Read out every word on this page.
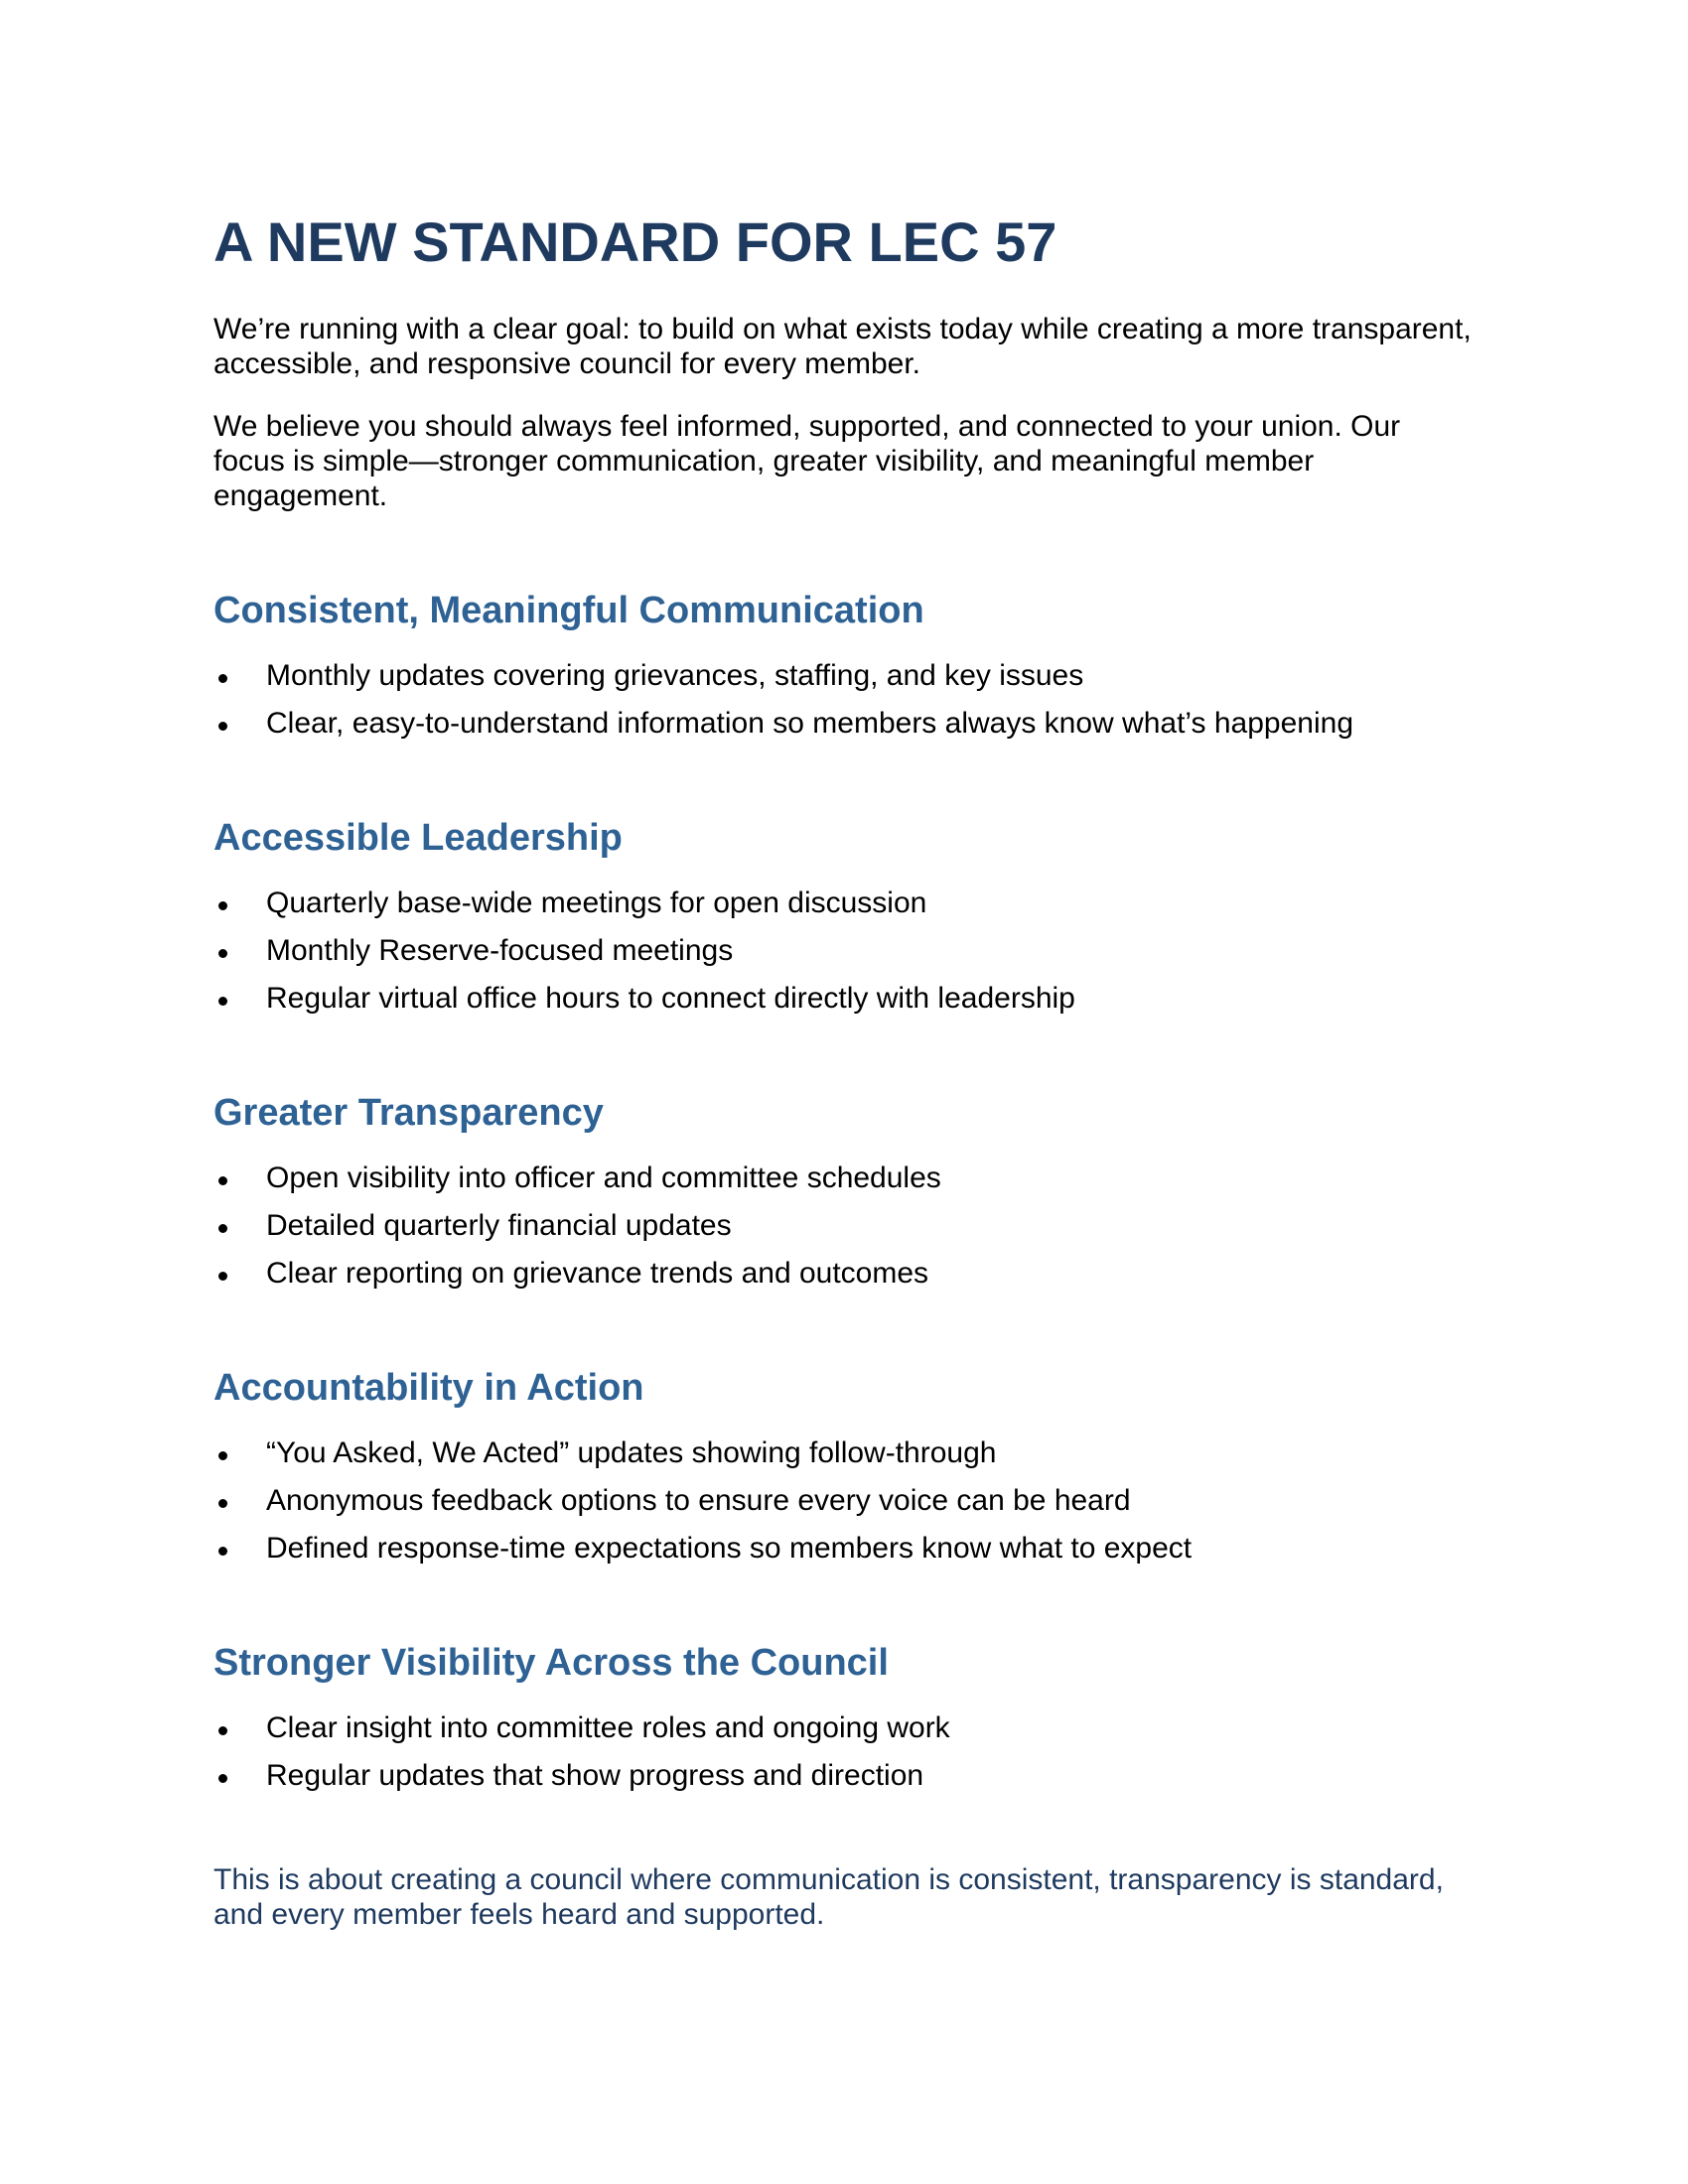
A NEW STANDARD FOR LEC 57

We’re running with a clear goal: to build on what exists today while creating a more transparent, accessible, and responsive council for every member.

We believe you should always feel informed, supported, and connected to your union. Our focus is simple—stronger communication, greater visibility, and meaningful member engagement.

Consistent, Meaningful Communication
Monthly updates covering grievances, staffing, and key issues
Clear, easy-to-understand information so members always know what’s happening
Accessible Leadership
Quarterly base-wide meetings for open discussion
Monthly Reserve-focused meetings
Regular virtual office hours to connect directly with leadership
Greater Transparency
Open visibility into officer and committee schedules
Detailed quarterly financial updates
Clear reporting on grievance trends and outcomes
Accountability in Action
“You Asked, We Acted” updates showing follow-through
Anonymous feedback options to ensure every voice can be heard
Defined response-time expectations so members know what to expect
Stronger Visibility Across the Council
Clear insight into committee roles and ongoing work
Regular updates that show progress and direction

This is about creating a council where communication is consistent, transparency is standard, and every member feels heard and supported.
